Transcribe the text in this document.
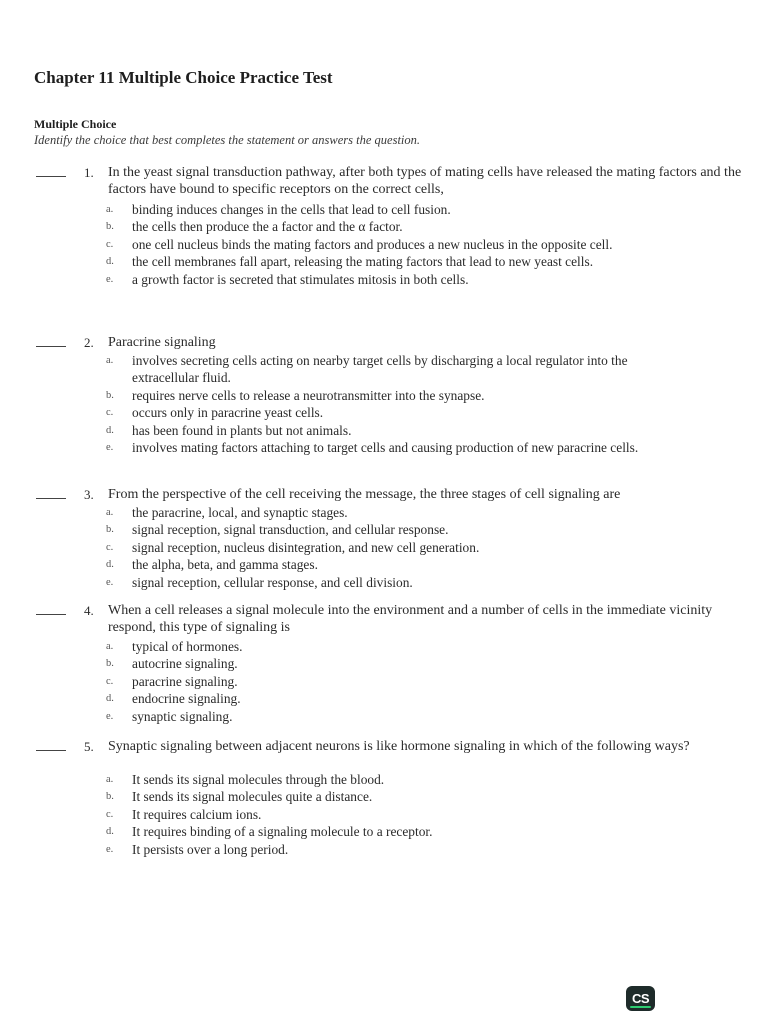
Chapter 11 Multiple Choice Practice Test
Multiple Choice
Identify the choice that best completes the statement or answers the question.
1.	In the yeast signal transduction pathway, after both types of mating cells have released the mating factors and the factors have bound to specific receptors on the correct cells,
a.	binding induces changes in the cells that lead to cell fusion.
b.	the cells then produce the a factor and the α factor.
c.	one cell nucleus binds the mating factors and produces a new nucleus in the opposite cell.
d.	the cell membranes fall apart, releasing the mating factors that lead to new yeast cells.
e.	a growth factor is secreted that stimulates mitosis in both cells.
2.	Paracrine signaling
a.	involves secreting cells acting on nearby target cells by discharging a local regulator into the extracellular fluid.
b.	requires nerve cells to release a neurotransmitter into the synapse.
c.	occurs only in paracrine yeast cells.
d.	has been found in plants but not animals.
e.	involves mating factors attaching to target cells and causing production of new paracrine cells.
3.	From the perspective of the cell receiving the message, the three stages of cell signaling are
a.	the paracrine, local, and synaptic stages.
b.	signal reception, signal transduction, and cellular response.
c.	signal reception, nucleus disintegration, and new cell generation.
d.	the alpha, beta, and gamma stages.
e.	signal reception, cellular response, and cell division.
4.	When a cell releases a signal molecule into the environment and a number of cells in the immediate vicinity respond, this type of signaling is
a.	typical of hormones.
b.	autocrine signaling.
c.	paracrine signaling.
d.	endocrine signaling.
e.	synaptic signaling.
5.	Synaptic signaling between adjacent neurons is like hormone signaling in which of the following ways?
a.	It sends its signal molecules through the blood.
b.	It sends its signal molecules quite a distance.
c.	It requires calcium ions.
d.	It requires binding of a signaling molecule to a receptor.
e.	It persists over a long period.
CS
